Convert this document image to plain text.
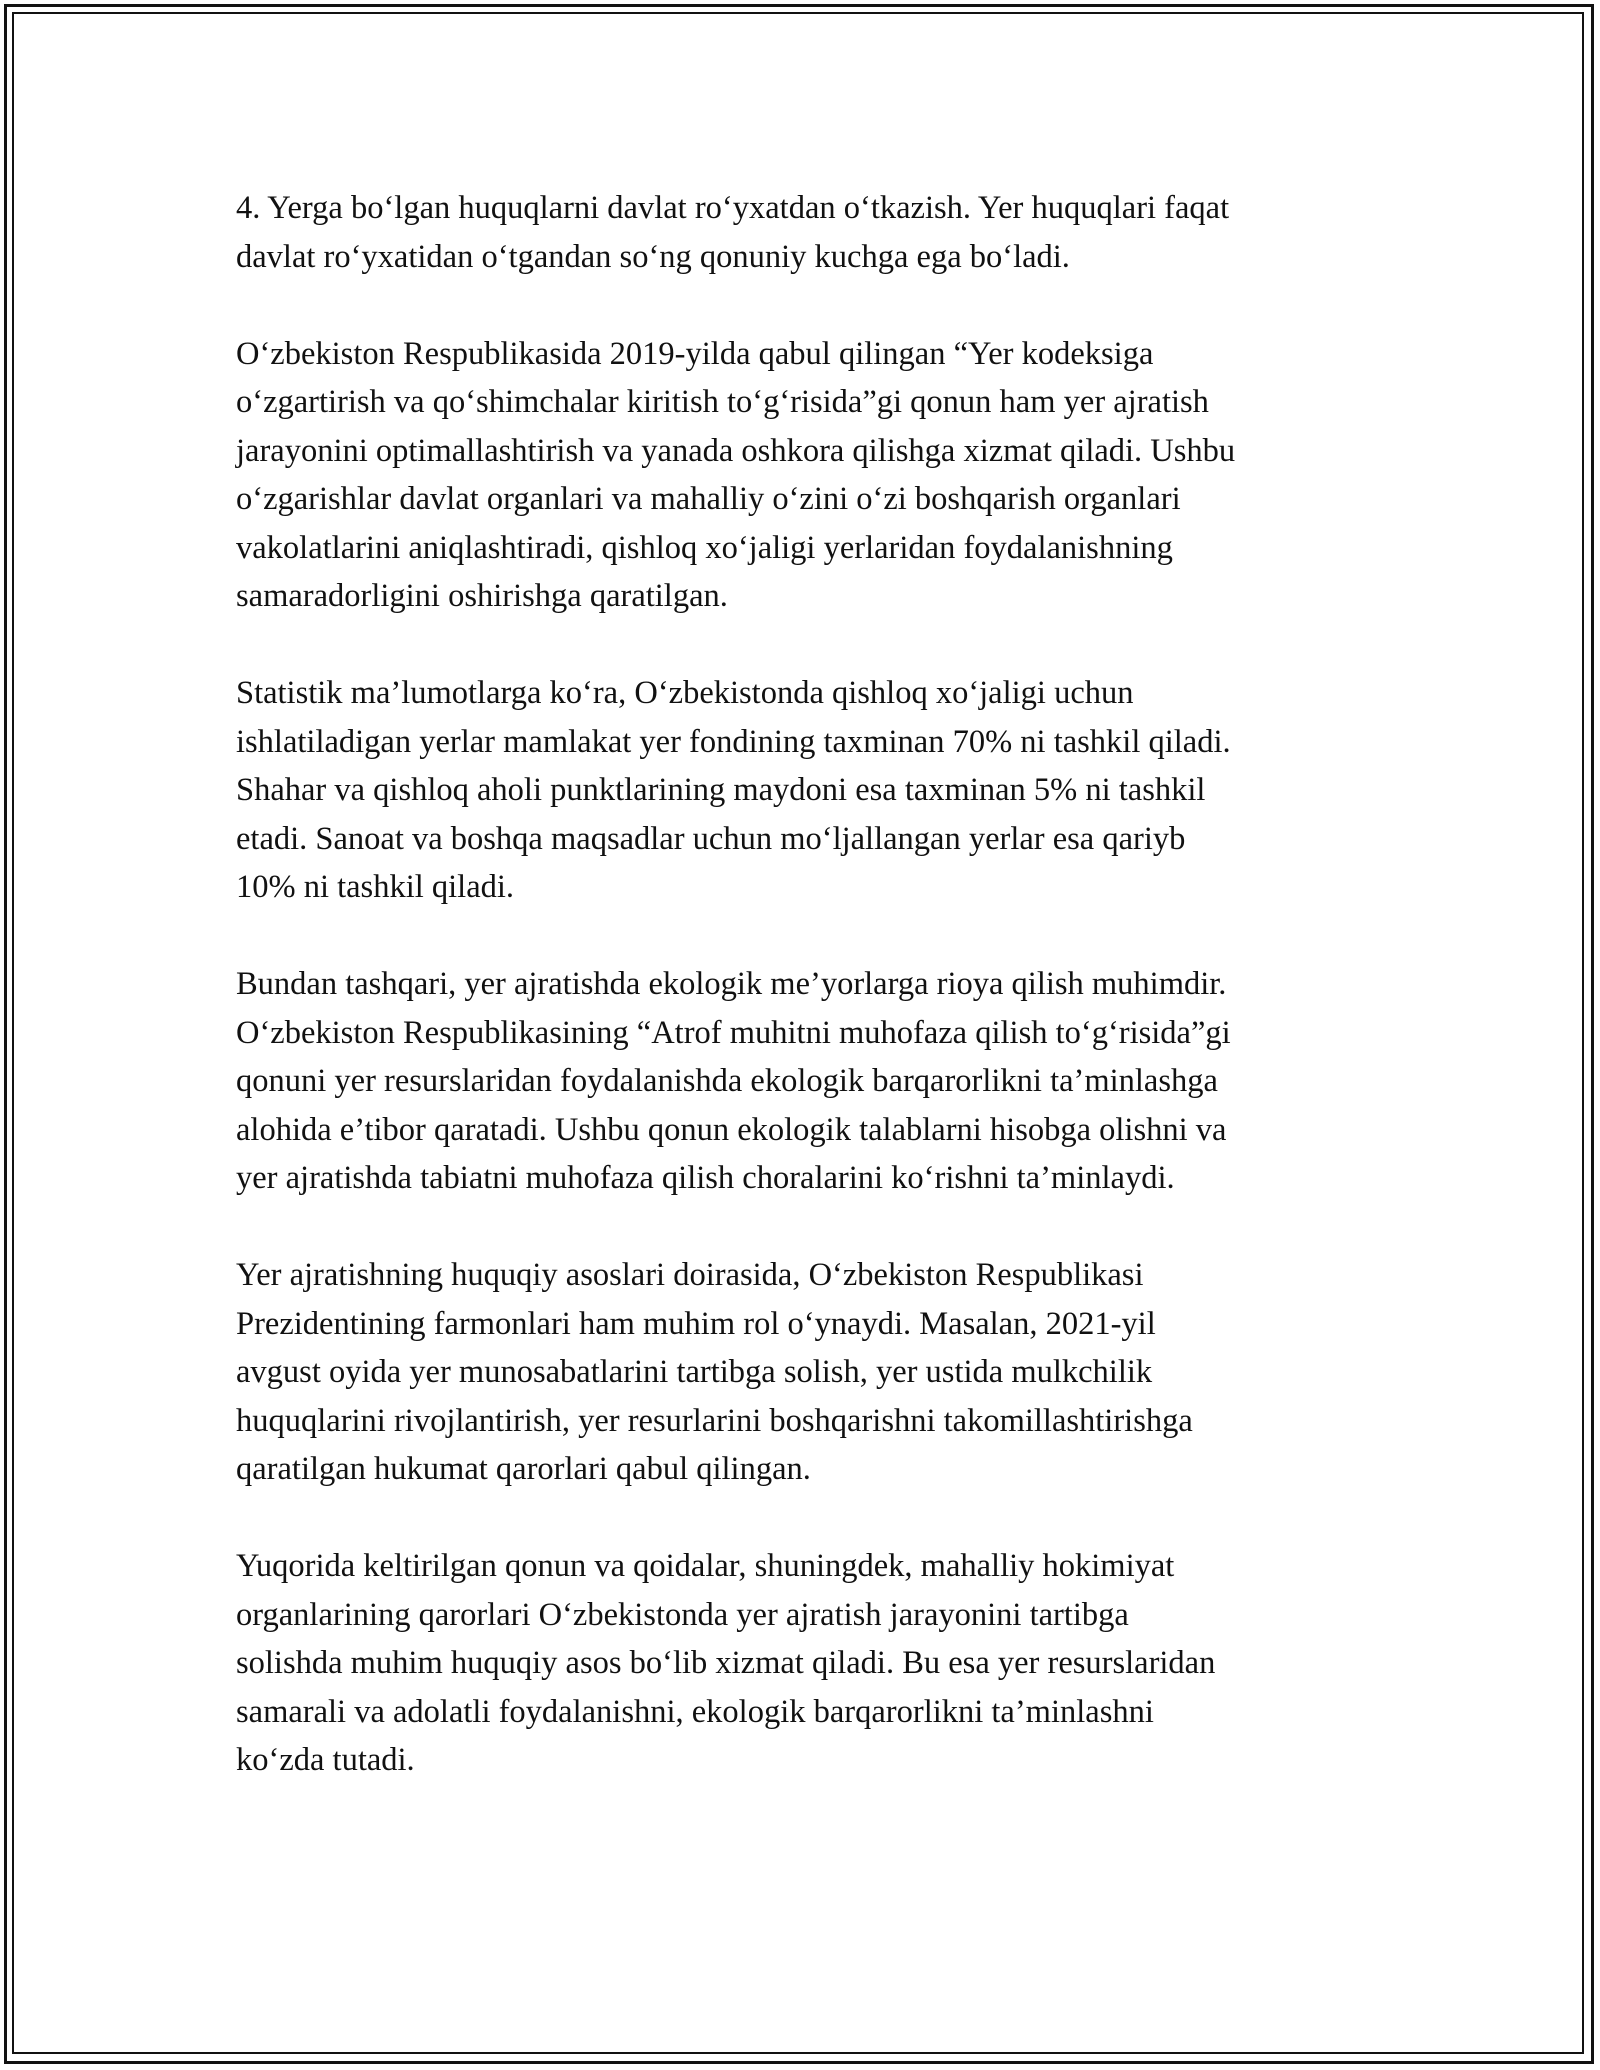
4. Yerga bo‘lgan huquqlarni davlat ro‘yxatdan o‘tkazish. Yer huquqlari faqat
davlat ro‘yxatidan o‘tgandan so‘ng qonuniy kuchga ega bo‘ladi.

O‘zbekiston Respublikasida 2019-yilda qabul qilingan “Yer kodeksiga
o‘zgartirish va qo‘shimchalar kiritish to‘g‘risida”gi qonun ham yer ajratish
jarayonini optimallashtirish va yanada oshkora qilishga xizmat qiladi. Ushbu
o‘zgarishlar davlat organlari va mahalliy o‘zini o‘zi boshqarish organlari
vakolatlarini aniqlashtiradi, qishloq xo‘jaligi yerlaridan foydalanishning
samaradorligini oshirishga qaratilgan.

Statistik ma’lumotlarga ko‘ra, O‘zbekistonda qishloq xo‘jaligi uchun
ishlatiladigan yerlar mamlakat yer fondining taxminan 70% ni tashkil qiladi.
Shahar va qishloq aholi punktlarining maydoni esa taxminan 5% ni tashkil
etadi. Sanoat va boshqa maqsadlar uchun mo‘ljallangan yerlar esa qariyb
10% ni tashkil qiladi.

Bundan tashqari, yer ajratishda ekologik me’yorlarga rioya qilish muhimdir.
O‘zbekiston Respublikasining “Atrof muhitni muhofaza qilish to‘g‘risida”gi
qonuni yer resurslaridan foydalanishda ekologik barqarorlikni ta’minlashga
alohida e’tibor qaratadi. Ushbu qonun ekologik talablarni hisobga olishni va
yer ajratishda tabiatni muhofaza qilish choralarini ko‘rishni ta’minlaydi.

Yer ajratishning huquqiy asoslari doirasida, O‘zbekiston Respublikasi
Prezidentining farmonlari ham muhim rol o‘ynaydi. Masalan, 2021-yil
avgust oyida yer munosabatlarini tartibga solish, yer ustida mulkchilik
huquqlarini rivojlantirish, yer resurlarini boshqarishni takomillashtirishga
qaratilgan hukumat qarorlari qabul qilingan.

Yuqorida keltirilgan qonun va qoidalar, shuningdek, mahalliy hokimiyat
organlarining qarorlari O‘zbekistonda yer ajratish jarayonini tartibga
solishda muhim huquqiy asos bo‘lib xizmat qiladi. Bu esa yer resurslaridan
samarali va adolatli foydalanishni, ekologik barqarorlikni ta’minlashni
ko‘zda tutadi.
